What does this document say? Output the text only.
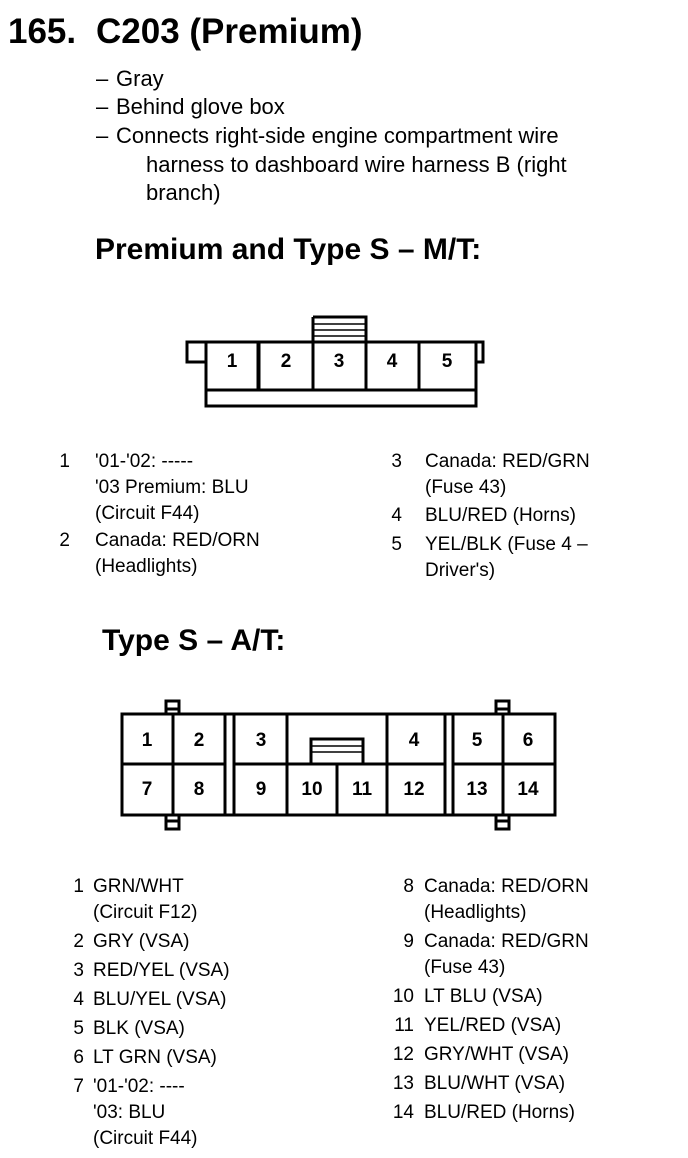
165. C203 (Premium)
– Gray
– Behind glove box
– Connects right-side engine compartment wire
harness to dashboard wire harness B (right
branch)
Premium and Type S – M/T:
1 2 3 4 5
1 '01-'02: -----
'03 Premium: BLU
(Circuit F44)
2 Canada: RED/ORN
(Headlights)
3 Canada: RED/GRN
(Fuse 43)
4 BLU/RED (Horns)
5 YEL/BLK (Fuse 4 –
Driver's)
Type S – A/T:
1 2	3	4	5 6
7 8	9 10 11 12 13 14
1 GRN/WHT
(Circuit F12)
2 GRY (VSA)
3 RED/YEL (VSA)
4 BLU/YEL (VSA)
5 BLK (VSA)
6 LT GRN (VSA)
7 '01-'02: ----
'03: BLU
(Circuit F44)
8 Canada: RED/ORN
(Headlights)
9 Canada: RED/GRN
(Fuse 43)
10 LT BLU (VSA)
11 YEL/RED (VSA)
12 GRY/WHT (VSA)
13 BLU/WHT (VSA)
14 BLU/RED (Horns)
